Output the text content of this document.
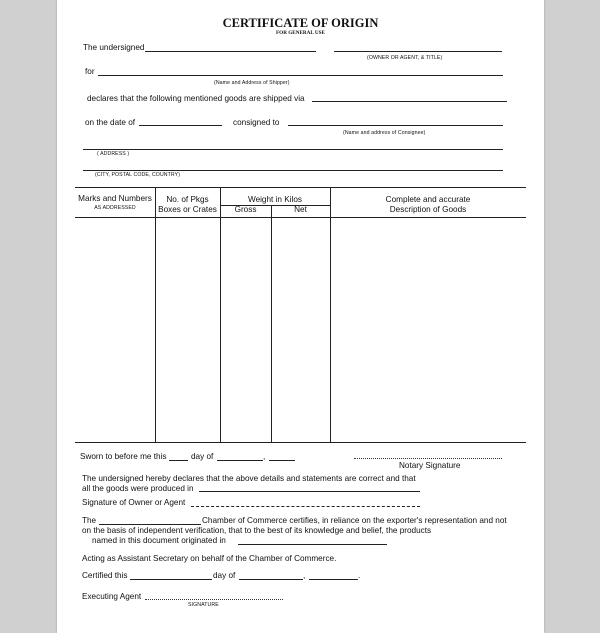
CERTIFICATE OF ORIGIN
FOR GENERAL USE
The undersigned
(OWNER OR AGENT, & TITLE)
for
(Name and Address of Shipper)
declares that the following mentioned goods are shipped via
on the date of	consigned to
(Name and address of Consignee)
( ADDRESS )
(CITY, POSTAL CODE, COUNTRY)
Marks and Numbers
AS ADDRESSED
No. of Pkgs
Boxes or Crates
Weight in Kilos
Gross	Net
Complete and accurate
Description of Goods
Sworn to before me this	day of	,
Notary Signature
The undersigned hereby declares that the above details and statements are correct and that
all the goods were produced in
Signature of Owner or Agent
The	Chamber of Commerce certifies, in reliance on the exporter's representation and not
on the basis of independent verification, that to the best of its knowledge and belief, the products
named in this document originated in
Acting as Assistant Secretary on behalf of the Chamber of Commerce.
Certified this	day of	,	.
Executing Agent
SIGNATURE
